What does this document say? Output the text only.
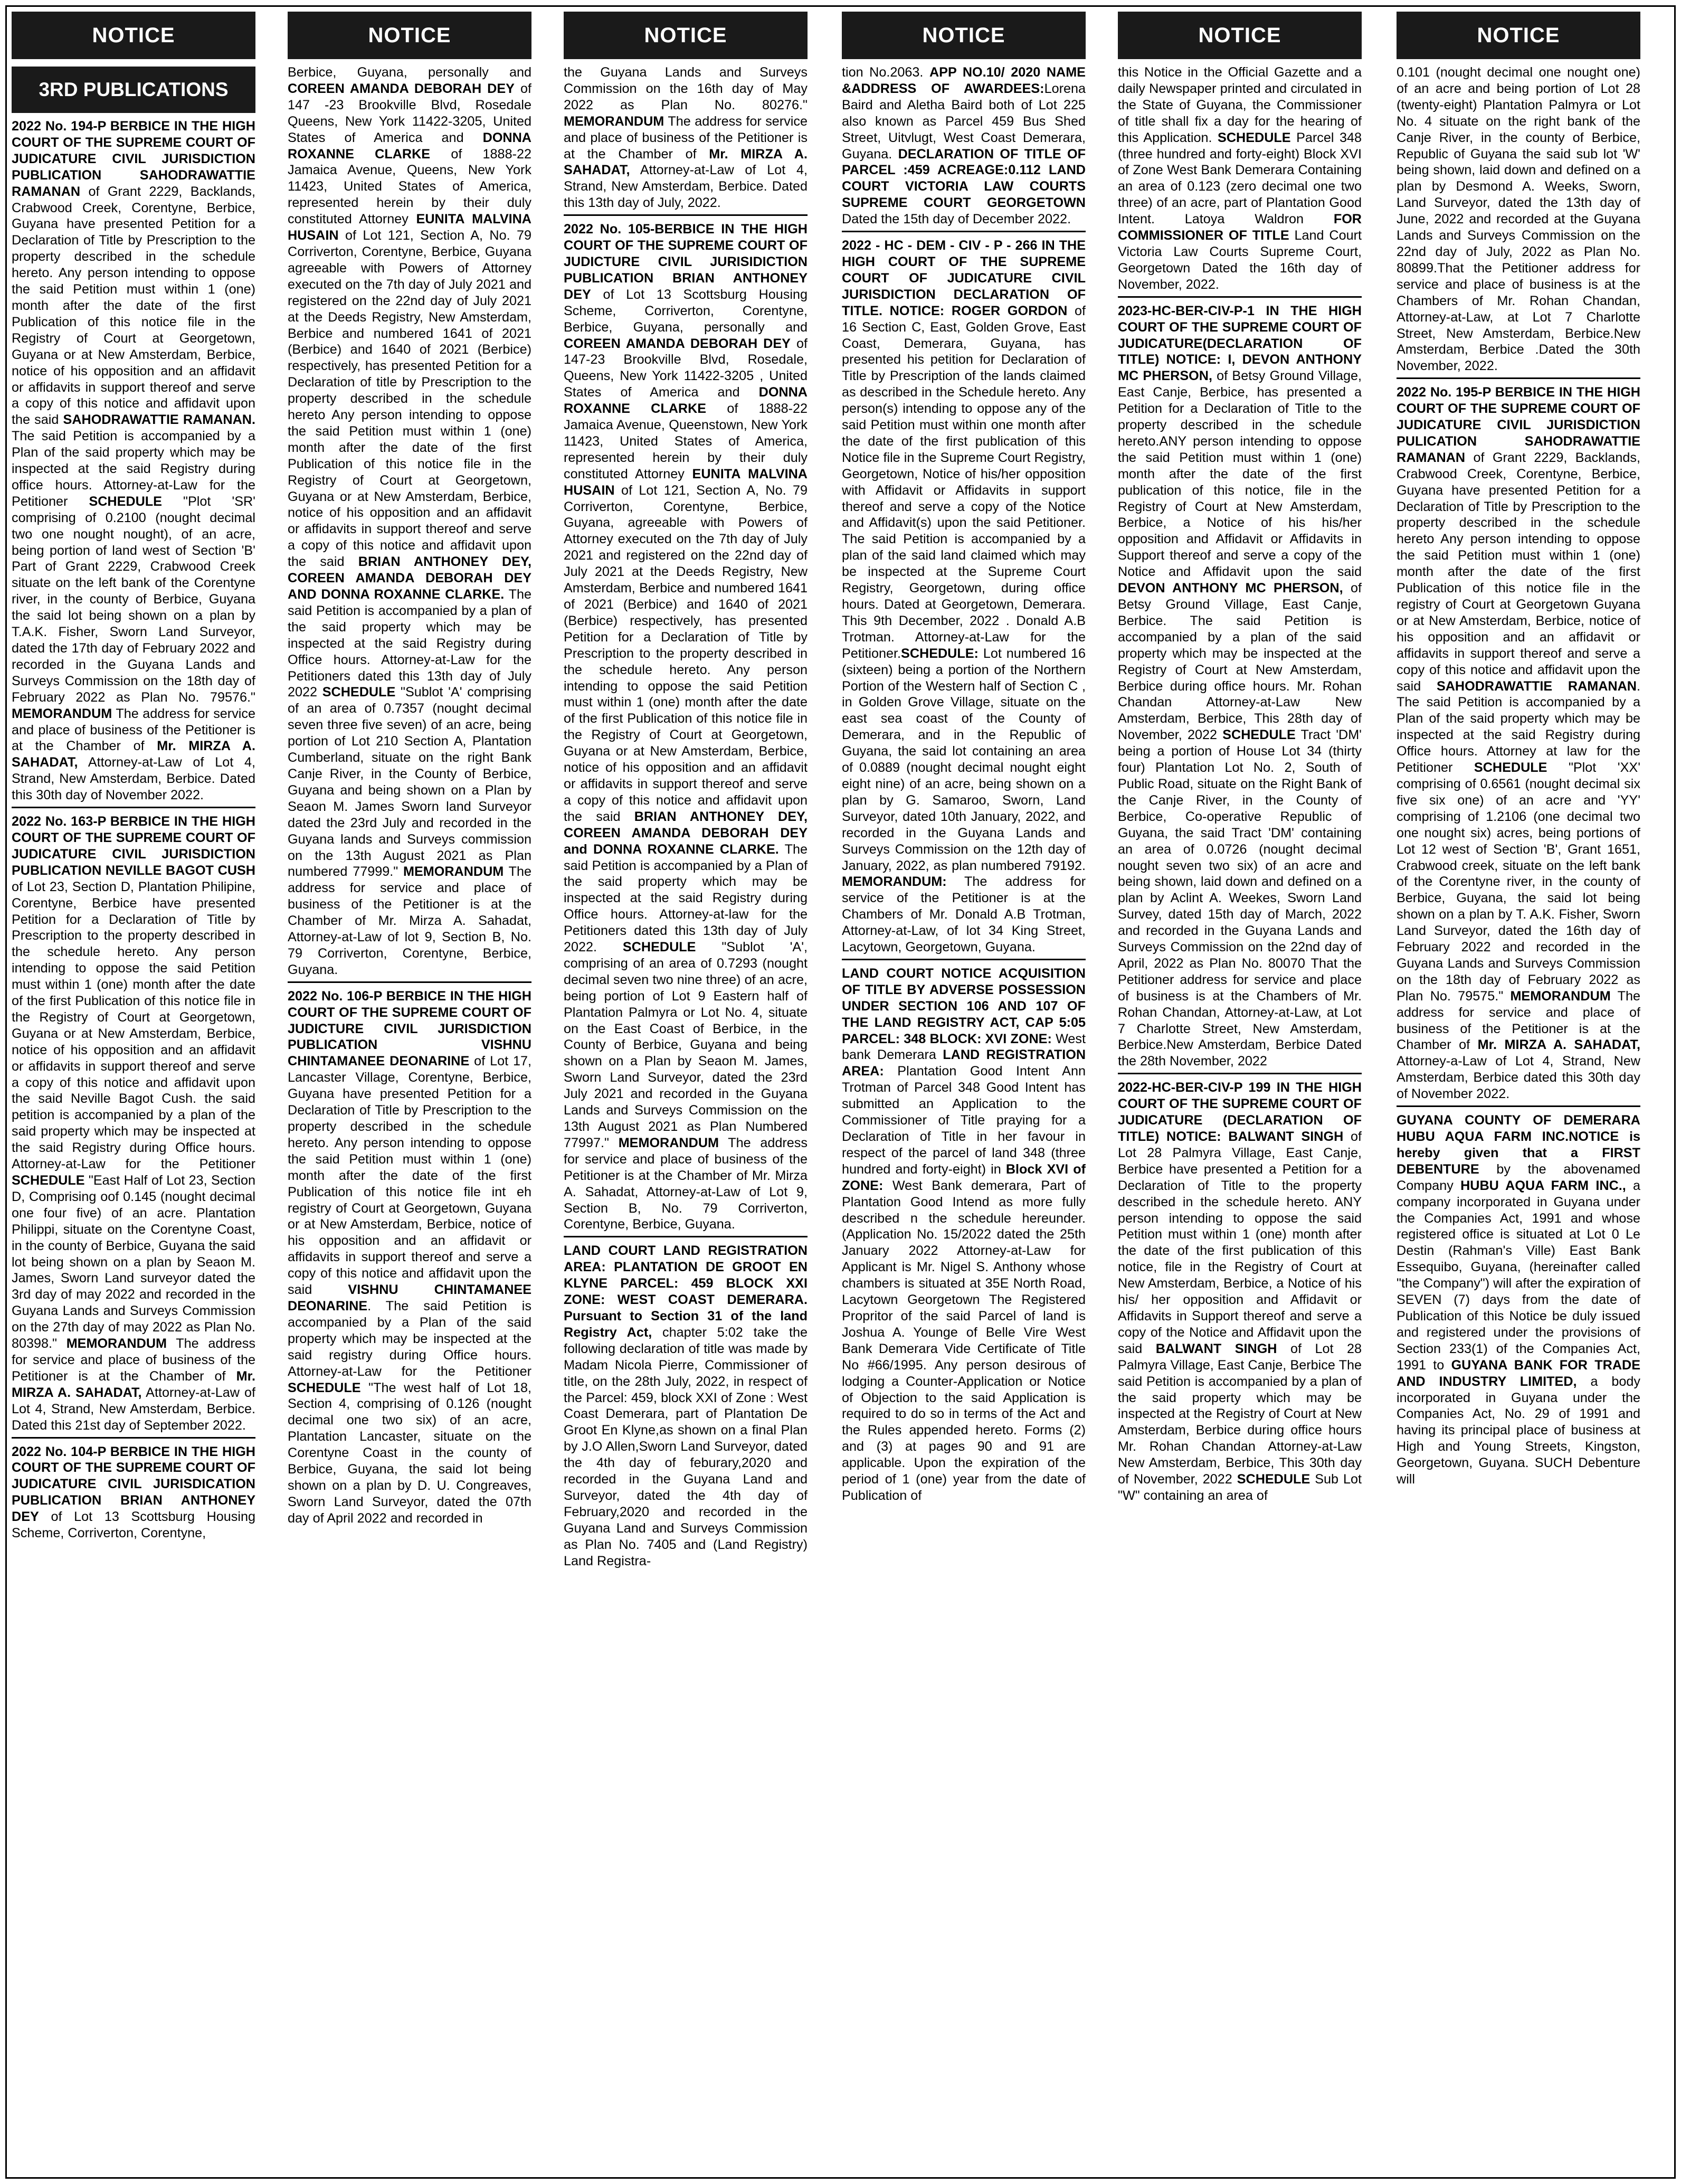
NOTICE
3RD PUBLICATIONS

2022 No. 194-P BERBICE IN THE HIGH COURT OF THE SUPREME COURT OF JUDICATURE CIVIL JURISDICTION PUBLICATION SAHODRAWATTIE RAMANAN of Grant 2229, Backlands, Crabwood Creek, Corentyne, Berbice, Guyana have presented Petition for a Declaration of Title by Prescription to the property described in the schedule hereto. Any person intending to oppose the said Petition must within 1 (one) month after the date of the first Publication of this notice file in the Registry of Court at Georgetown, Guyana or at New Amsterdam, Berbice, notice of his opposition and an affidavit or affidavits in support thereof and serve a copy of this notice and affidavit upon the said SAHODRAWATTIE RAMANAN. The said Petition is accompanied by a Plan of the said property which may be inspected at the said Registry during office hours. Attorney-at-Law for the Petitioner SCHEDULE "Plot 'SR' comprising of 0.2100 (nought decimal two one nought nought), of an acre, being portion of land west of Section 'B' Part of Grant 2229, Crabwood Creek situate on the left bank of the Corentyne river, in the county of Berbice, Guyana the said lot being shown on a plan by T.A.K. Fisher, Sworn Land Surveyor, dated the 17th day of February 2022 and recorded in the Guyana Lands and Surveys Commission on the 18th day of February 2022 as Plan No. 79576." MEMORANDUM The address for service and place of business of the Petitioner is at the Chamber of Mr. MIRZA A. SAHADAT, Attorney-at-Law of Lot 4, Strand, New Amsterdam, Berbice. Dated this 30th day of November 2022.

2022 No. 163-P BERBICE IN THE HIGH COURT OF THE SUPREME COURT OF JUDICATURE CIVIL JURISDICTION PUBLICATION NEVILLE BAGOT CUSH of Lot 23, Section D, Plantation Philipine, Corentyne, Berbice have presented Petition for a Declaration of Title by Prescription to the property described in the schedule hereto. Any person intending to oppose the said Petition must within 1 (one) month after the date of the first Publication of this notice file in the Registry of Court at Georgetown, Guyana or at New Amsterdam, Berbice, notice of his opposition and an affidavit or affidavits in support thereof and serve a copy of this notice and affidavit upon the said Neville Bagot Cush. the said petition is accompanied by a plan of the said property which may be inspected at the said Registry during Office hours. Attorney-at-Law for the Petitioner SCHEDULE "East Half of Lot 23, Section D, Comprising oof 0.145 (nought decimal one four five) of an acre. Plantation Philippi, situate on the Corentyne Coast, in the county of Berbice, Guyana the said lot being shown on a plan by Seaon M. James, Sworn Land surveyor dated the 3rd day of may 2022 and recorded in the Guyana Lands and Surveys Commission on the 27th day of may 2022 as Plan No. 80398." MEMORANDUM The address for service and place of business of the Petitioner is at the Chamber of Mr. MIRZA A. SAHADAT, Attorney-at-Law of Lot 4, Strand, New Amsterdam, Berbice. Dated this 21st day of September 2022.

2022 No. 104-P BERBICE IN THE HIGH COURT OF THE SUPREME COURT OF JUDICATURE CIVIL JURISDICATION PUBLICATION BRIAN ANTHONEY DEY of Lot 13 Scottsburg Housing Scheme, Corriverton, Corentyne,

NOTICE

Berbice, Guyana, personally and COREEN AMANDA DEBORAH DEY of 147 -23 Brookville Blvd, Rosedale Queens, New York 11422-3205, United States of America and DONNA ROXANNE CLARKE of 1888-22 Jamaica Avenue, Queens, New York 11423, United States of America, represented herein by their duly constituted Attorney EUNITA MALVINA HUSAIN of Lot 121, Section A, No. 79 Corriverton, Corentyne, Berbice, Guyana agreeable with Powers of Attorney executed on the 7th day of July 2021 and registered on the 22nd day of July 2021 at the Deeds Registry, New Amsterdam, Berbice and numbered 1641 of 2021 (Berbice) and 1640 of 2021 (Berbice) respectively, has presented Petition for a Declaration of title by Prescription to the property described in the schedule hereto Any person intending to oppose the said Petition must within 1 (one) month after the date of the first Publication of this notice file in the Registry of Court at Georgetown, Guyana or at New Amsterdam, Berbice, notice of his opposition and an affidavit or affidavits in support thereof and serve a copy of this notice and affidavit upon the said BRIAN ANTHONEY DEY, COREEN AMANDA DEBORAH DEY AND DONNA ROXANNE CLARKE. The said Petition is accompanied by a plan of the said property which may be inspected at the said Registry during Office hours. Attorney-at-Law for the Petitioners dated this 13th day of July 2022 SCHEDULE "Sublot 'A' comprising of an area of 0.7357 (nought decimal seven three five seven) of an acre, being portion of Lot 210 Section A, Plantation Cumberland, situate on the right Bank Canje River, in the County of Berbice, Guyana and being shown on a Plan by Seaon M. James Sworn land Surveyor dated the 23rd July and recorded in the Guyana lands and Surveys commission on the 13th August 2021 as Plan numbered 77999." MEMORANDUM The address for service and place of business of the Petitioner is at the Chamber of Mr. Mirza A. Sahadat, Attorney-at-Law of lot 9, Section B, No. 79 Corriverton, Corentyne, Berbice, Guyana.

2022 No. 106-P BERBICE IN THE HIGH COURT OF THE SUPREME COURT OF JUDICTURE CIVIL JURISDICTION PUBLICATION VISHNU CHINTAMANEE DEONARINE of Lot 17, Lancaster Village, Corentyne, Berbice, Guyana have presented Petition for a Declaration of Title by Prescription to the property described in the schedule hereto. Any person intending to oppose the said Petition must within 1 (one) month after the date of the first Publication of this notice file int eh registry of Court at Georgetown, Guyana or at New Amsterdam, Berbice, notice of his opposition and an affidavit or affidavits in support thereof and serve a copy of this notice and affidavit upon the said VISHNU CHINTAMANEE DEONARINE. The said Petition is accompanied by a Plan of the said property which may be inspected at the said registry during Office hours. Attorney-at-Law for the Petitioner SCHEDULE "The west half of Lot 18, Section 4, comprising of 0.126 (nought decimal one two six) of an acre, Plantation Lancaster, situate on the Corentyne Coast in the county of Berbice, Guyana, the said lot being shown on a plan by D. U. Congreaves, Sworn Land Surveyor, dated the 07th day of April 2022 and recorded in

NOTICE

the Guyana Lands and Surveys Commission on the 16th day of May 2022 as Plan No. 80276." MEMORANDUM The address for service and place of business of the Petitioner is at the Chamber of Mr. MIRZA A. SAHADAT, Attorney-at-Law of Lot 4, Strand, New Amsterdam, Berbice. Dated this 13th day of July, 2022.

2022 No. 105-BERBICE IN THE HIGH COURT OF THE SUPREME COURT OF JUDICTURE CIVIL JURISIDICTION PUBLICATION BRIAN ANTHONEY DEY of Lot 13 Scottsburg Housing Scheme, Corriverton, Corentyne, Berbice, Guyana, personally and COREEN AMANDA DEBORAH DEY of 147-23 Brookville Blvd, Rosedale, Queens, New York 11422-3205 , United States of America and DONNA ROXANNE CLARKE of 1888-22 Jamaica Avenue, Queenstown, New York 11423, United States of America, represented herein by their duly constituted Attorney EUNITA MALVINA HUSAIN of Lot 121, Section A, No. 79 Corriverton, Corentyne, Berbice, Guyana, agreeable with Powers of Attorney executed on the 7th day of July 2021 and registered on the 22nd day of July 2021 at the Deeds Registry, New Amsterdam, Berbice and numbered 1641 of 2021 (Berbice) and 1640 of 2021 (Berbice) respectively, has presented Petition for a Declaration of Title by Prescription to the property described in the schedule hereto. Any person intending to oppose the said Petition must within 1 (one) month after the date of the first Publication of this notice file in the Registry of Court at Georgetown, Guyana or at New Amsterdam, Berbice, notice of his opposition and an affidavit or affidavits in support thereof and serve a copy of this notice and affidavit upon the said BRIAN ANTHONEY DEY, COREEN AMANDA DEBORAH DEY and DONNA ROXANNE CLARKE. The said Petition is accompanied by a Plan of the said property which may be inspected at the said Registry during Office hours. Attorney-at-law for the Petitioners dated this 13th day of July 2022. SCHEDULE "Sublot 'A', comprising of an area of 0.7293 (nought decimal seven two nine three) of an acre, being portion of Lot 9 Eastern half of Plantation Palmyra or Lot No. 4, situate on the East Coast of Berbice, in the County of Berbice, Guyana and being shown on a Plan by Seaon M. James, Sworn Land Surveyor, dated the 23rd July 2021 and recorded in the Guyana Lands and Surveys Commission on the 13th August 2021 as Plan Numbered 77997." MEMORANDUM The address for service and place of business of the Petitioner is at the Chamber of Mr. Mirza A. Sahadat, Attorney-at-Law of Lot 9, Section B, No. 79 Corriverton, Corentyne, Berbice, Guyana.

LAND COURT LAND REGISTRATION AREA: PLANTATION DE GROOT EN KLYNE PARCEL: 459 BLOCK XXI ZONE: WEST COAST DEMERARA. Pursuant to Section 31 of the land Registry Act, chapter 5:02 take the following declaration of title was made by Madam Nicola Pierre, Commissioner of title, on the 28th July, 2022, in respect of the Parcel: 459, block XXI of Zone : West Coast Demerara, part of Plantation De Groot En Klyne,as shown on a final Plan by J.O Allen,Sworn Land Surveyor, dated the 4th day of feburary,2020 and recorded in the Guyana Land and Surveyor, dated the 4th day of February,2020 and recorded in the Guyana Land and Surveys Commission as Plan No. 7405 and (Land Registry) Land Registra-

NOTICE

tion No.2063. APP NO.10/ 2020 NAME &ADDRESS OF AWARDEES:Lorena Baird and Aletha Baird both of Lot 225 also known as Parcel 459 Bus Shed Street, Uitvlugt, West Coast Demerara, Guyana. DECLARATION OF TITLE OF PARCEL :459 ACREAGE:0.112 LAND COURT VICTORIA LAW COURTS SUPREME COURT GEORGETOWN Dated the 15th day of December 2022.

2022 - HC - DEM - CIV - P - 266 IN THE HIGH COURT OF THE SUPREME COURT OF JUDICATURE CIVIL JURISDICTION DECLARATION OF TITLE. NOTICE: ROGER GORDON of 16 Section C, East, Golden Grove, East Coast, Demerara, Guyana, has presented his petition for Declaration of Title by Prescription of the lands claimed as described in the Schedule hereto. Any person(s) intending to oppose any of the said Petition must within one month after the date of the first publication of this Notice file in the Supreme Court Registry, Georgetown, Notice of his/her opposition with Affidavit or Affidavits in support thereof and serve a copy of the Notice and Affidavit(s) upon the said Petitioner. The said Petition is accompanied by a plan of the said land claimed which may be inspected at the Supreme Court Registry, Georgetown, during office hours. Dated at Georgetown, Demerara. This 9th December, 2022 . Donald A.B Trotman. Attorney-at-Law for the Petitioner.SCHEDULE: Lot numbered 16 (sixteen) being a portion of the Northern Portion of the Western half of Section C , in Golden Grove Village, situate on the east sea coast of the County of Demerara, and in the Republic of Guyana, the said lot containing an area of 0.0889 (nought decimal nought eight eight nine) of an acre, being shown on a plan by G. Samaroo, Sworn, Land Surveyor, dated 10th January, 2022, and recorded in the Guyana Lands and Surveys Commission on the 12th day of January, 2022, as plan numbered 79192. MEMORANDUM: The address for service of the Petitioner is at the Chambers of Mr. Donald A.B Trotman, Attorney-at-Law, of lot 34 King Street, Lacytown, Georgetown, Guyana.

LAND COURT NOTICE ACQUISITION OF TITLE BY ADVERSE POSSESSION UNDER SECTION 106 AND 107 OF THE LAND REGISTRY ACT, CAP 5:05 PARCEL: 348 BLOCK: XVI ZONE: West bank Demerara LAND REGISTRATION AREA: Plantation Good Intent Ann Trotman of Parcel 348 Good Intent has submitted an Application to the Commissioner of Title praying for a Declaration of Title in her favour in respect of the parcel of land 348 (three hundred and forty-eight) in Block XVI of ZONE: West Bank demerara, Part of Plantation Good Intend as more fully described n the schedule hereunder. (Application No. 15/2022 dated the 25th January 2022 Attorney-at-Law for Applicant is Mr. Nigel S. Anthony whose chambers is situated at 35E North Road, Lacytown Georgetown The Registered Propritor of the said Parcel of land is Joshua A. Younge of Belle Vire West Bank Demerara Vide Certificate of Title No #66/1995. Any person desirous of lodging a Counter-Application or Notice of Objection to the said Application is required to do so in terms of the Act and the Rules appended hereto. Forms (2) and (3) at pages 90 and 91 are applicable. Upon the expiration of the period of 1 (one) year from the date of Publication of

NOTICE

this Notice in the Official Gazette and a daily Newspaper printed and circulated in the State of Guyana, the Commissioner of title shall fix a day for the hearing of this Application. SCHEDULE Parcel 348 (three hundred and forty-eight) Block XVI of Zone West Bank Demerara Containing an area of 0.123 (zero decimal one two three) of an acre, part of Plantation Good Intent. Latoya Waldron FOR COMMISSIONER OF TITLE Land Court Victoria Law Courts Supreme Court, Georgetown Dated the 16th day of November, 2022.

2023-HC-BER-CIV-P-1 IN THE HIGH COURT OF THE SUPREME COURT OF JUDICATURE(DECLARATION OF TITLE) NOTICE: I, DEVON ANTHONY MC PHERSON, of Betsy Ground Village, East Canje, Berbice, has presented a Petition for a Declaration of Title to the property described in the schedule hereto.ANY person intending to oppose the said Petition must within 1 (one) month after the date of the first publication of this notice, file in the Registry of Court at New Amsterdam, Berbice, a Notice of his his/her opposition and Affidavit or Affidavits in Support thereof and serve a copy of the Notice and Affidavit upon the said DEVON ANTHONY MC PHERSON, of Betsy Ground Village, East Canje, Berbice. The said Petition is accompanied by a plan of the said property which may be inspected at the Registry of Court at New Amsterdam, Berbice during office hours. Mr. Rohan Chandan Attorney-at-Law New Amsterdam, Berbice, This 28th day of November, 2022 SCHEDULE Tract 'DM' being a portion of House Lot 34 (thirty four) Plantation Lot No. 2, South of Public Road, situate on the Right Bank of the Canje River, in the County of Berbice, Co-operative Republic of Guyana, the said Tract 'DM' containing an area of 0.0726 (nought decimal nought seven two six) of an acre and being shown, laid down and defined on a plan by Aclint A. Weekes, Sworn Land Survey, dated 15th day of March, 2022 and recorded in the Guyana Lands and Surveys Commission on the 22nd day of April, 2022 as Plan No. 80070 That the Petitioner address for service and place of business is at the Chambers of Mr. Rohan Chandan, Attorney-at-Law, at Lot 7 Charlotte Street, New Amsterdam, Berbice.New Amsterdam, Berbice Dated the 28th November, 2022

2022-HC-BER-CIV-P 199 IN THE HIGH COURT OF THE SUPREME COURT OF JUDICATURE (DECLARATION OF TITLE) NOTICE: BALWANT SINGH of Lot 28 Palmyra Village, East Canje, Berbice have presented a Petition for a Declaration of Title to the property described in the schedule hereto. ANY person intending to oppose the said Petition must within 1 (one) month after the date of the first publication of this notice, file in the Registry of Court at New Amsterdam, Berbice, a Notice of his his/ her opposition and Affidavit or Affidavits in Support thereof and serve a copy of the Notice and Affidavit upon the said BALWANT SINGH of Lot 28 Palmyra Village, East Canje, Berbice The said Petition is accompanied by a plan of the said property which may be inspected at the Registry of Court at New Amsterdam, Berbice during office hours Mr. Rohan Chandan Attorney-at-Law New Amsterdam, Berbice, This 30th day of November, 2022 SCHEDULE Sub Lot "W" containing an area of

NOTICE

0.101 (nought decimal one nought one) of an acre and being portion of Lot 28 (twenty-eight) Plantation Palmyra or Lot No. 4 situate on the right bank of the Canje River, in the county of Berbice, Republic of Guyana the said sub lot 'W' being shown, laid down and defined on a plan by Desmond A. Weeks, Sworn, Land Surveyor, dated the 13th day of June, 2022 and recorded at the Guyana Lands and Surveys Commission on the 22nd day of July, 2022 as Plan No. 80899.That the Petitioner address for service and place of business is at the Chambers of Mr. Rohan Chandan, Attorney-at-Law, at Lot 7 Charlotte Street, New Amsterdam, Berbice.New Amsterdam, Berbice .Dated the 30th November, 2022.

2022 No. 195-P BERBICE IN THE HIGH COURT OF THE SUPREME COURT OF JUDICATURE CIVIL JURISDICTION PULICATION SAHODRAWATTIE RAMANAN of Grant 2229, Backlands, Crabwood Creek, Corentyne, Berbice, Guyana have presented Petition for a Declaration of Title by Prescription to the property described in the schedule hereto Any person intending to oppose the said Petition must within 1 (one) month after the date of the first Publication of this notice file in the registry of Court at Georgetown Guyana or at New Amsterdam, Berbice, notice of his opposition and an affidavit or affidavits in support thereof and serve a copy of this notice and affidavit upon the said SAHODRAWATTIE RAMANAN. The said Petition is accompanied by a Plan of the said property which may be inspected at the said Registry during Office hours. Attorney at law for the Petitioner SCHEDULE "Plot 'XX' comprising of 0.6561 (nought decimal six five six one) of an acre and 'YY' comprising of 1.2106 (one decimal two one nought six) acres, being portions of Lot 12 west of Section 'B', Grant 1651, Crabwood creek, situate on the left bank of the Corentyne river, in the county of Berbice, Guyana, the said lot being shown on a plan by T. A.K. Fisher, Sworn Land Surveyor, dated the 16th day of February 2022 and recorded in the Guyana Lands and Surveys Commission on the 18th day of February 2022 as Plan No. 79575." MEMORANDUM The address for service and place of business of the Petitioner is at the Chamber of Mr. MIRZA A. SAHADAT, Attorney-a-Law of Lot 4, Strand, New Amsterdam, Berbice dated this 30th day of November 2022.

GUYANA COUNTY OF DEMERARA HUBU AQUA FARM INC.NOTICE is hereby given that a FIRST DEBENTURE by the abovenamed Company HUBU AQUA FARM INC., a company incorporated in Guyana under the Companies Act, 1991 and whose registered office is situated at Lot 0 Le Destin (Rahman's Ville) East Bank Essequibo, Guyana, (hereinafter called "the Company") will after the expiration of SEVEN (7) days from the date of Publication of this Notice be duly issued and registered under the provisions of Section 233(1) of the Companies Act, 1991 to GUYANA BANK FOR TRADE AND INDUSTRY LIMITED, a body incorporated in Guyana under the Companies Act, No. 29 of 1991 and having its principal place of business at High and Young Streets, Kingston, Georgetown, Guyana. SUCH Debenture will
